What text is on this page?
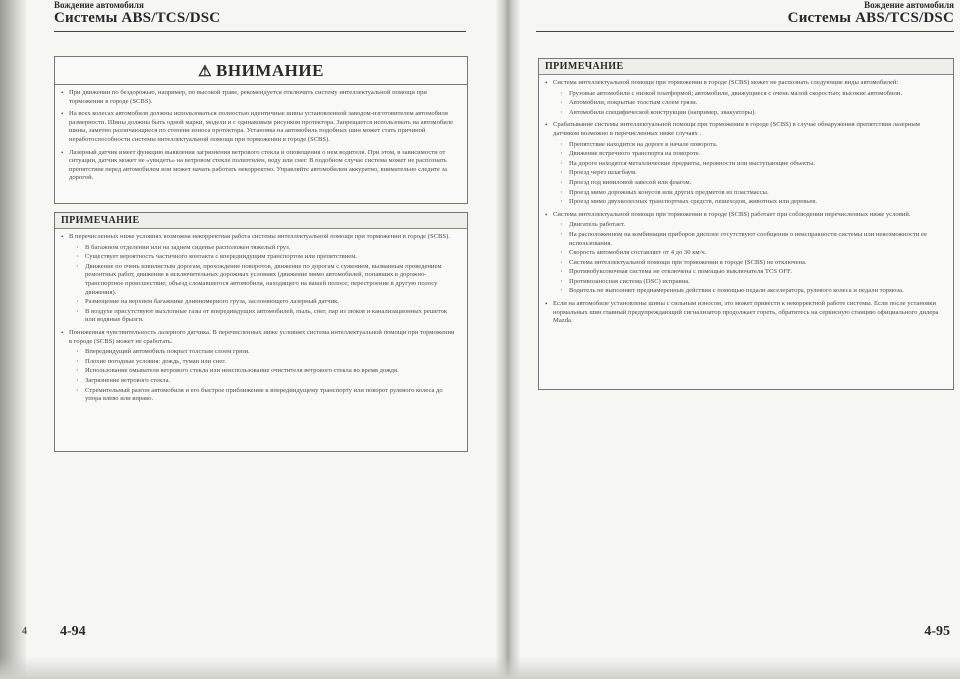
Вождение автомобиля
Системы ABS/TCS/DSC
⚠ ВНИМАНИЕ
• При движении по бездорожью, например, по высокой траве, рекомендуется отключить систему интеллектуальной помощи при торможении в городе (SCBS).
• На всех колесах автомобиля должны использоваться полностью идентичные шины установленной заводом-изготовителем автомобиля размерности. Шины должны быть одной марки, модели и с одинаковым рисунком протектора. Запрещается использовать на автомобиле шины, заметно различающиеся по степени износа протектора. Установка на автомобиль подобных шин может стать причиной неработоспособности системы интеллектуальной помощи при торможении в городе (SCBS).
• Лазерный датчик имеет функцию выявления загрязнения ветрового стекла и оповещения о нем водителя. При этом, в зависимости от ситуации, датчик может не «увидеть» на ветровом стекле полиэтилен, воду или снег. В подобном случае система может не распознать препятствие перед автомобилем или может начать работать некорректно. Управляйте автомобилем аккуратно, внимательно следите за дорогой.
ПРИМЕЧАНИЕ
• В перечисленных ниже условиях возможна некорректная работа системы интеллектуальной помощи при торможении в городе (SCBS).
· В багажном отделении или на заднем сиденье расположен тяжелый груз.
· Существует вероятность частичного контакта с впередиидущим транспортом или препятствием.
· Движение по очень извилистым дорогам, прохождение поворотов, движение по дорогам с сужением, вызванным проведением ремонтных работ, движение в исключительных дорожных условиях (движение мимо автомобилей, попавших в дорожно-транспортное происшествие; объезд сломавшегося автомобиля, находящего на вашей полосе; перестроение в другую полосу движения).
· Размещение на верхнем багажнике длинномерного груза, заслоняющего лазерный датчик.
· В воздухе присутствуют выхлопные газы от впередиидущих автомобилей, пыль, снег, пар из люков и канализационных решеток или водяные брызги.
• Пониженная чувствительность лазерного датчика. В перечисленных ниже условиях система интеллектуальной помощи при торможении в городе (SCBS) может не сработать.
· Впередиидущий автомобиль покрыт толстым слоем грязи.
· Плохие погодные условия: дождь, туман или снег.
· Использование омывателя ветрового стекла или неиспользование очистителя ветрового стекла во время дождя.
· Загрязнение ветрового стекла.
· Стремительный разгон автомобиля и его быстрое приближение к впередиидущему транспорту или поворот рулевого колеса до упора влево или вправо.
4-94
4
Вождение автомобиля
Системы ABS/TCS/DSC
ПРИМЕЧАНИЕ
• Система интеллектуальной помощи при торможении в городе (SCBS) может не распознать следующие виды автомобилей:
· Грузовые автомобили с низкой платформой; автомобили, движущиеся с очень малой скоростью; высокие автомобили.
· Автомобили, покрытые толстым слоем грязи.
· Автомобили специфической конструкции (например, эвакуаторы).
• Срабатывание системы интеллектуальной помощи при торможении в городе (SCBS) в случае обнаружения препятствия лазерным датчиком возможно в перечисленных ниже случаях .
· Препятствие находится на дороге в начале поворота.
· Движение встречного транспорта на повороте.
· На дороге находятся металлические предметы, неровности или выступающие объекты.
· Проезд через шлагбаум.
· Проезд под виниловой завесой или флагом.
· Проезд мимо дорожных конусов или других предметов из пластмассы.
· Проезд мимо двухколесных транспортных средств, пешеходов, животных или деревьев.
• Система интеллектуальной помощи при торможении в городе (SCBS) работает при соблюдении перечисленных ниже условий.
· Двигатель работает.
· На расположенном на комбинации приборов дисплее отсутствуют сообщения о неисправности системы или невозможности ее использования.
· Скорость автомобиля составляет от 4 до 30 км/ч.
· Система интеллектуальной помощи при торможении в городе (SCBS) не отключена.
· Противобуксовочная система не отключена с помощью выключателя TCS OFF.
· Противозаносная система (DSC) исправна.
· Водитель не выполняет преднамеренные действия с помощью педали акселератора, рулевого колеса и педали тормоза.
• Если на автомобиле установлены шины с сильным износом, это может привести к некорректной работе системы. Если после установки нормальных шин главный предупреждающий сигнализатор продолжает гореть, обратитесь на сервисную станцию официального дилера Mazda.
4-95
